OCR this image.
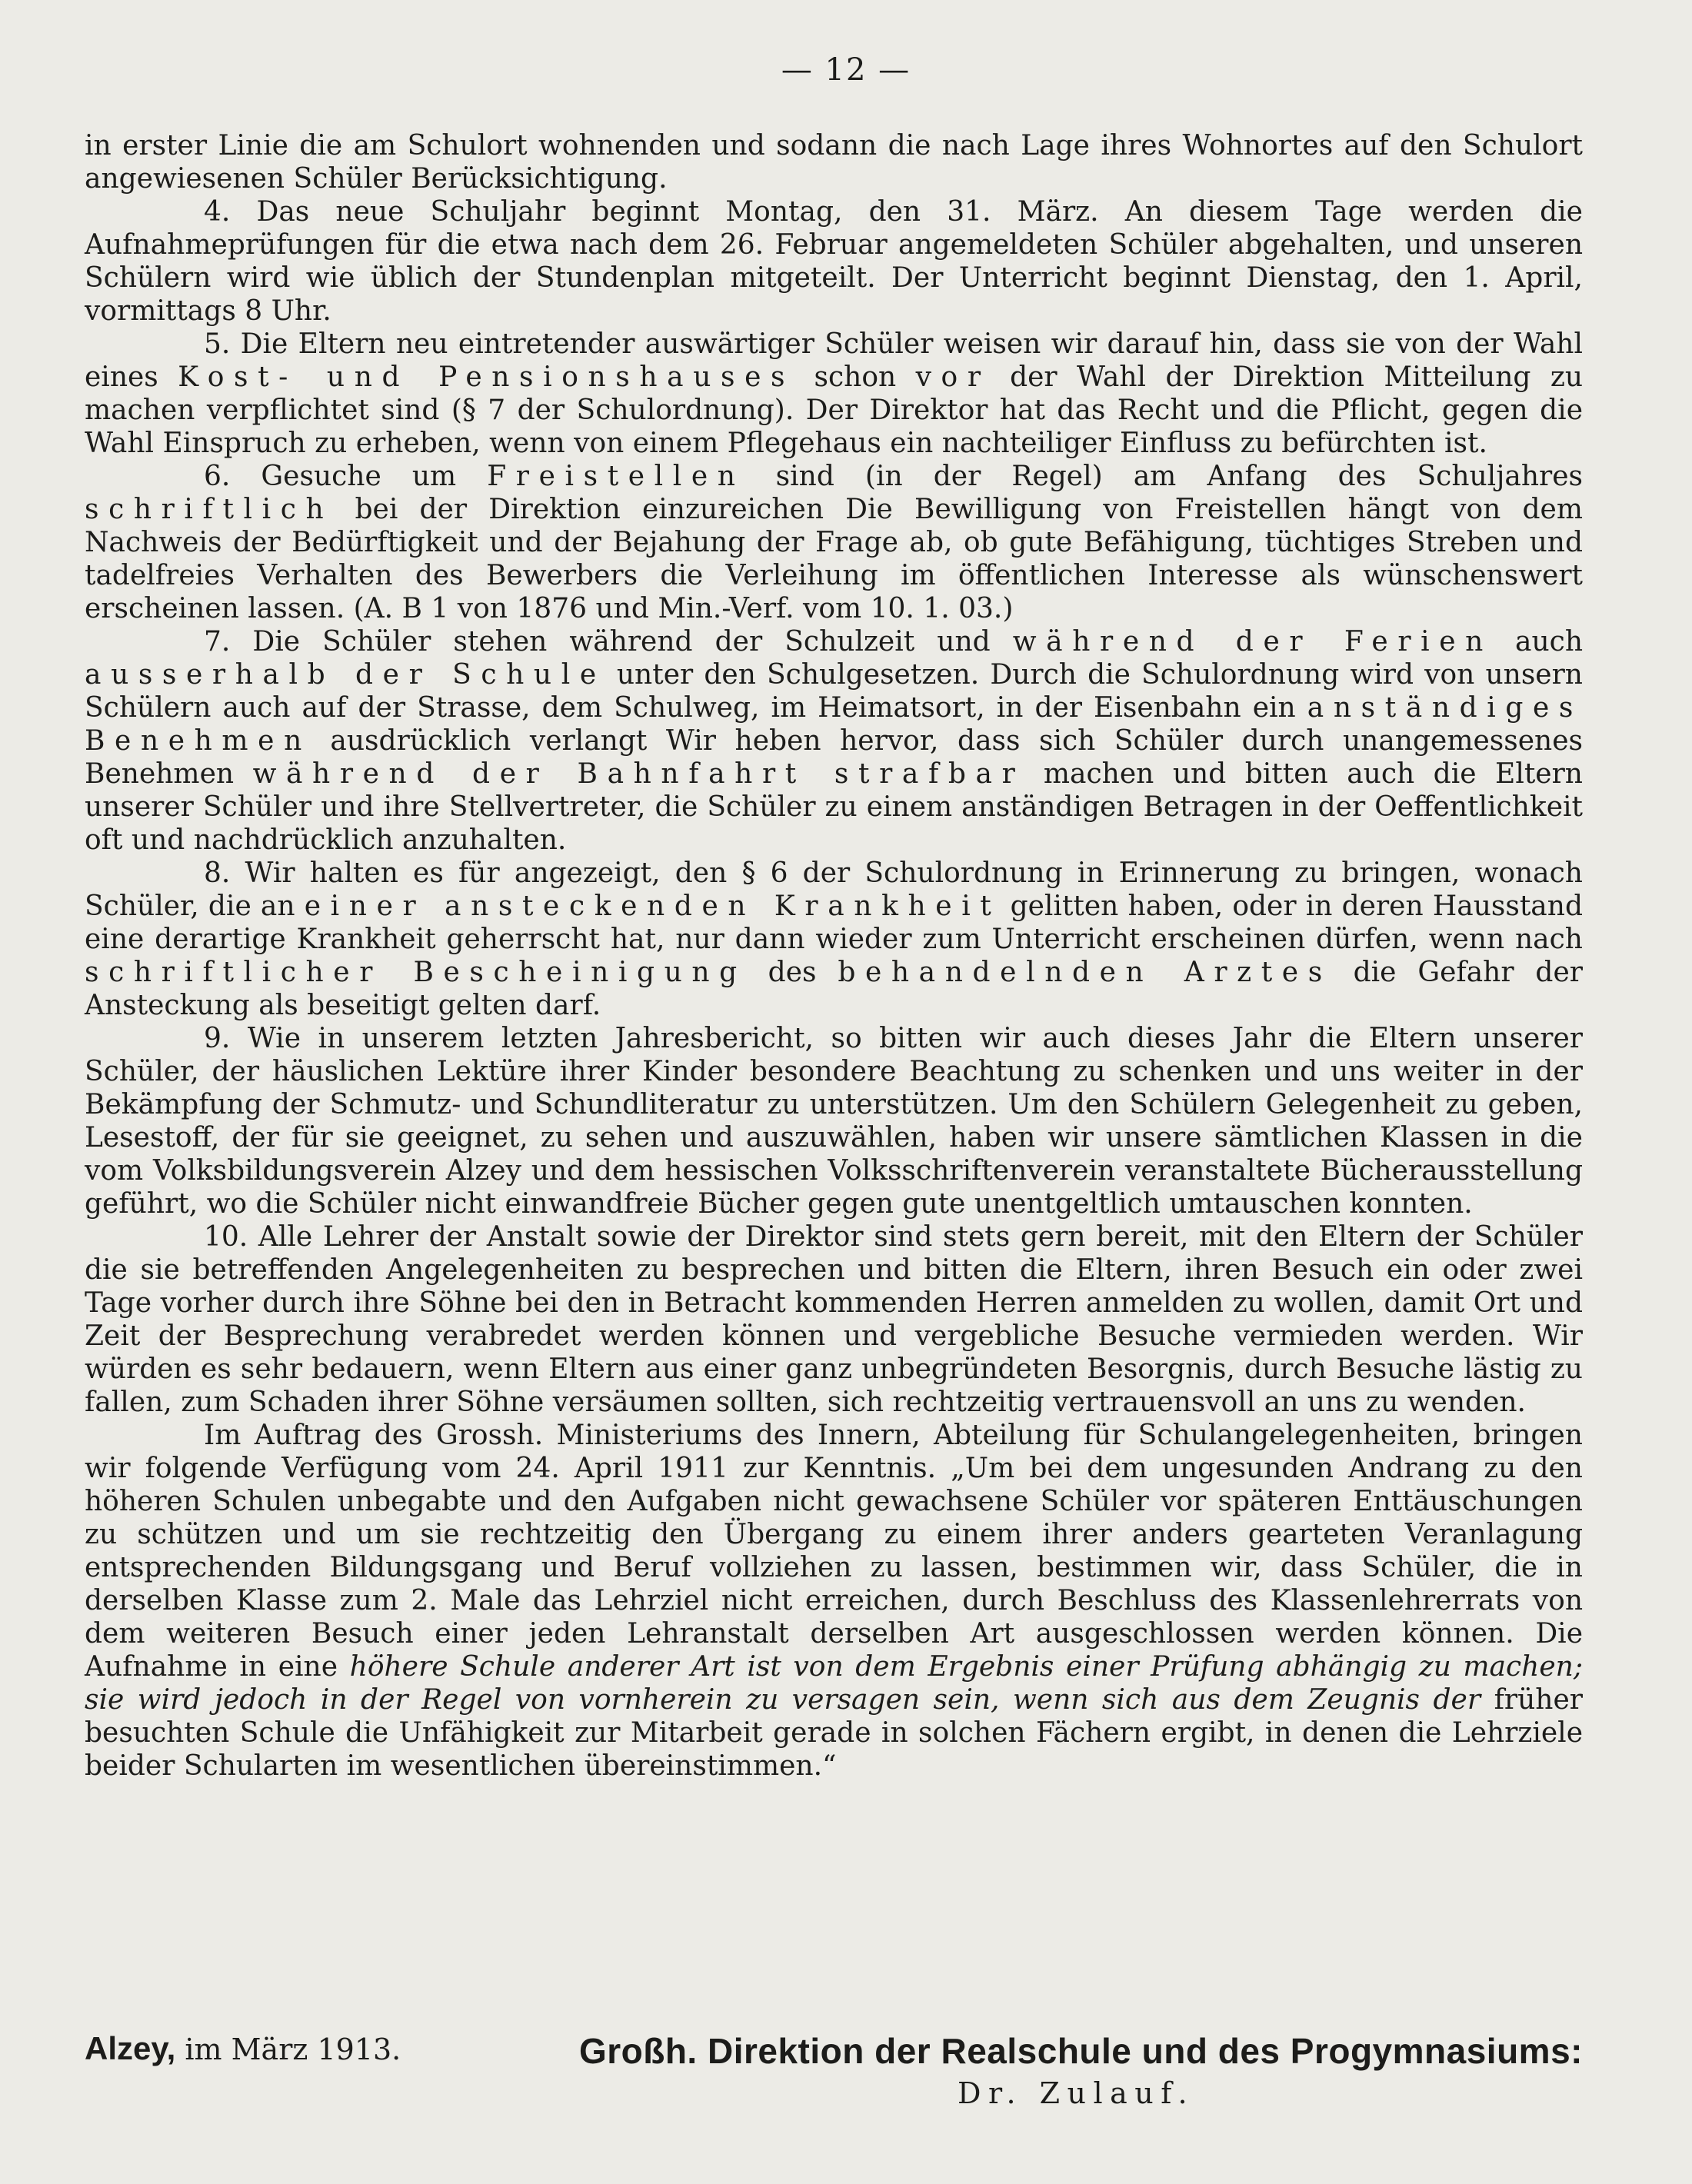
— 12 —

in erster Linie die am Schulort wohnenden und sodann die nach Lage ihres Wohnortes auf den Schulort angewiesenen Schüler Berücksichtigung.

4. Das neue Schuljahr beginnt Montag, den 31. März. An diesem Tage werden die Aufnahmeprüfungen für die etwa nach dem 26. Februar angemeldeten Schüler abgehalten, und unseren Schülern wird wie üblich der Stundenplan mitgeteilt. Der Unterricht beginnt Dienstag, den 1. April, vormittags 8 Uhr.

5. Die Eltern neu eintretender auswärtiger Schüler weisen wir darauf hin, dass sie von der Wahl eines Kost- und Pensionshauses schon vor der Wahl der Direktion Mitteilung zu machen verpflichtet sind (§ 7 der Schulordnung). Der Direktor hat das Recht und die Pflicht, gegen die Wahl Einspruch zu erheben, wenn von einem Pflegehaus ein nachteiliger Einfluss zu befürchten ist.

6. Gesuche um Freistellen sind (in der Regel) am Anfang des Schuljahres schriftlich bei der Direktion einzureichen Die Bewilligung von Freistellen hängt von dem Nachweis der Bedürftigkeit und der Bejahung der Frage ab, ob gute Befähigung, tüchtiges Streben und tadelfreies Verhalten des Bewerbers die Verleihung im öffentlichen Interesse als wünschenswert erscheinen lassen. (A. B 1 von 1876 und Min.-Verf. vom 10. 1. 03.)

7. Die Schüler stehen während der Schulzeit und während der Ferien auch ausserhalb der Schule unter den Schulgesetzen. Durch die Schulordnung wird von unsern Schülern auch auf der Strasse, dem Schulweg, im Heimatsort, in der Eisenbahn ein anständiges Benehmen ausdrücklich verlangt Wir heben hervor, dass sich Schüler durch unangemessenes Benehmen während der Bahnfahrt strafbar machen und bitten auch die Eltern unserer Schüler und ihre Stellvertreter, die Schüler zu einem anständigen Betragen in der Oeffentlichkeit oft und nachdrücklich anzuhalten.

8. Wir halten es für angezeigt, den § 6 der Schulordnung in Erinnerung zu bringen, wonach Schüler, die an einer ansteckenden Krankheit gelitten haben, oder in deren Hausstand eine derartige Krankheit geherrscht hat, nur dann wieder zum Unterricht erscheinen dürfen, wenn nach schriftlicher Bescheinigung des behandelnden Arztes die Gefahr der Ansteckung als beseitigt gelten darf.

9. Wie in unserem letzten Jahresbericht, so bitten wir auch dieses Jahr die Eltern unserer Schüler, der häuslichen Lektüre ihrer Kinder besondere Beachtung zu schenken und uns weiter in der Bekämpfung der Schmutz- und Schundliteratur zu unterstützen. Um den Schülern Gelegenheit zu geben, Lesestoff, der für sie geeignet, zu sehen und auszuwählen, haben wir unsere sämtlichen Klassen in die vom Volksbildungsverein Alzey und dem hessischen Volksschriftenverein veranstaltete Bücherausstellung geführt, wo die Schüler nicht einwandfreie Bücher gegen gute unentgeltlich umtauschen konnten.

10. Alle Lehrer der Anstalt sowie der Direktor sind stets gern bereit, mit den Eltern der Schüler die sie betreffenden Angelegenheiten zu besprechen und bitten die Eltern, ihren Besuch ein oder zwei Tage vorher durch ihre Söhne bei den in Betracht kommenden Herren anmelden zu wollen, damit Ort und Zeit der Besprechung verabredet werden können und vergebliche Besuche vermieden werden. Wir würden es sehr bedauern, wenn Eltern aus einer ganz unbegründeten Besorgnis, durch Besuche lästig zu fallen, zum Schaden ihrer Söhne versäumen sollten, sich rechtzeitig vertrauensvoll an uns zu wenden.

Im Auftrag des Grossh. Ministeriums des Innern, Abteilung für Schulangelegenheiten, bringen wir folgende Verfügung vom 24. April 1911 zur Kenntnis. „Um bei dem ungesunden Andrang zu den höheren Schulen unbegabte und den Aufgaben nicht gewachsene Schüler vor späteren Enttäuschungen zu schützen und um sie rechtzeitig den Übergang zu einem ihrer anders gearteten Veranlagung entsprechenden Bildungsgang und Beruf vollziehen zu lassen, bestimmen wir, dass Schüler, die in derselben Klasse zum 2. Male das Lehrziel nicht erreichen, durch Beschluss des Klassenlehrerrats von dem weiteren Besuch einer jeden Lehranstalt derselben Art ausgeschlossen werden können. Die Aufnahme in eine höhere Schule anderer Art ist von dem Ergebnis einer Prüfung abhängig zu machen; sie wird jedoch in der Regel von vornherein zu versagen sein, wenn sich aus dem Zeugnis der früher besuchten Schule die Unfähigkeit zur Mitarbeit gerade in solchen Fächern ergibt, in denen die Lehrziele beider Schularten im wesentlichen übereinstimmen.“

Alzey, im März 1913.	Großh. Direktion der Realschule und des Progymnasiums:
Dr. Zulauf.
